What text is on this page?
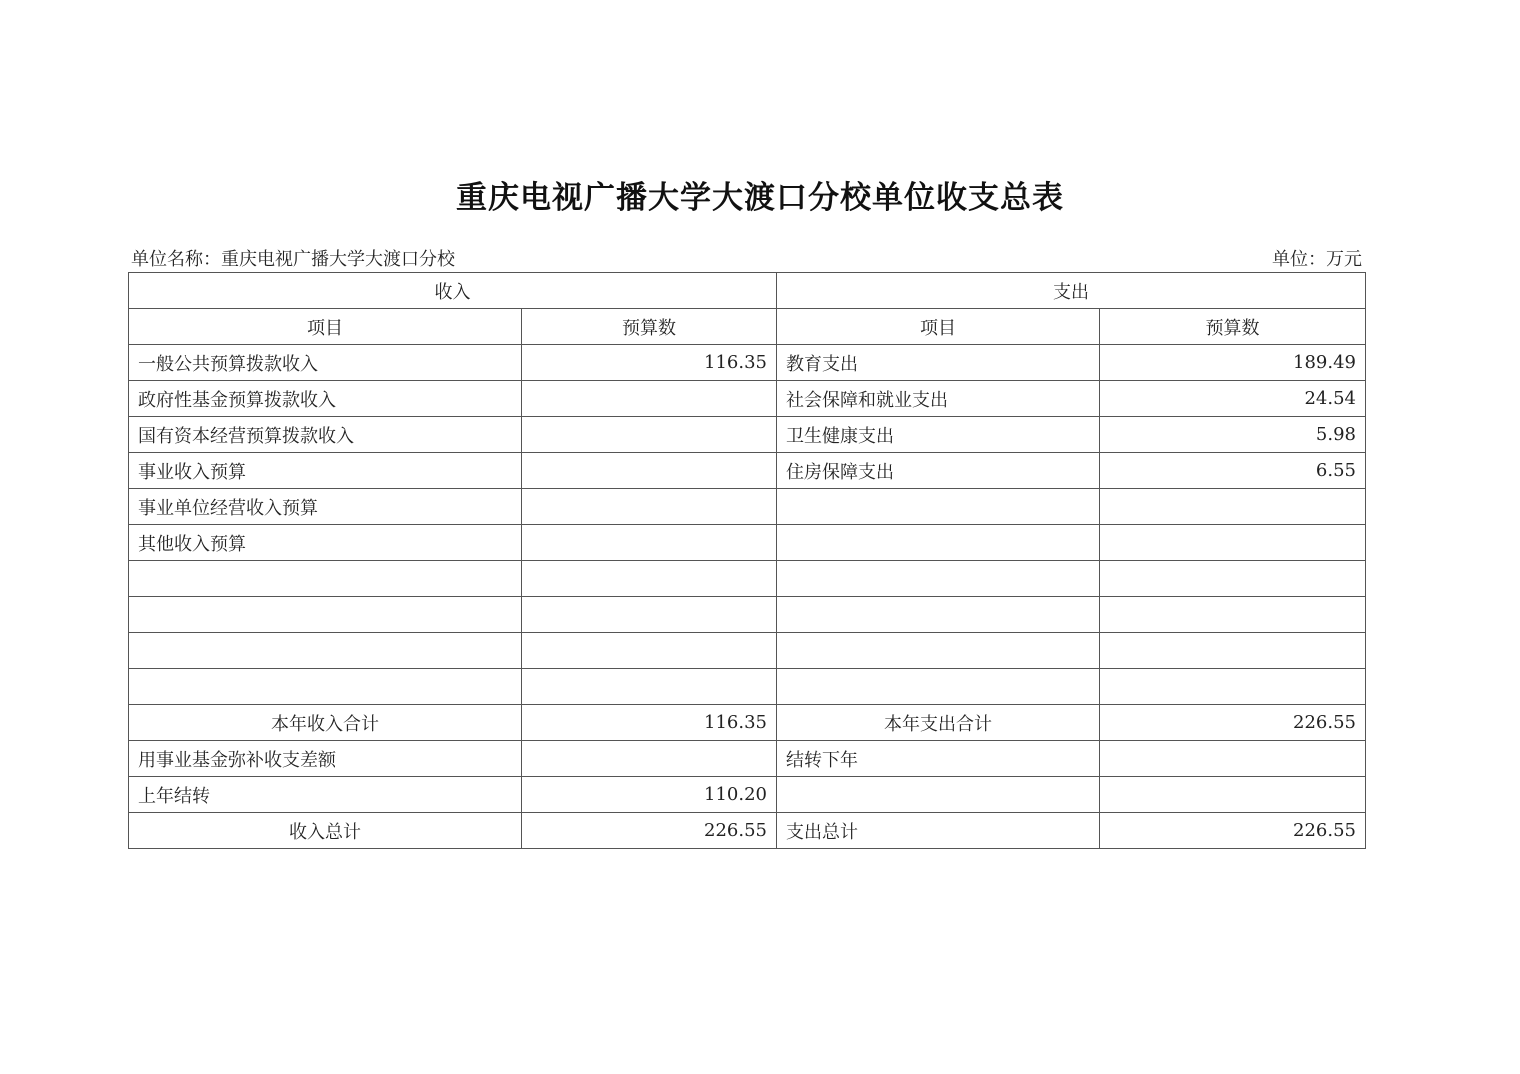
重庆电视广播大学大渡口分校单位收支总表
单位名称：重庆电视广播大学大渡口分校	单位：万元
收入		支出	
项目	预算数	项目	预算数
一般公共预算拨款收入	116.35	教育支出	189.49
政府性基金预算拨款收入		社会保障和就业支出	24.54
国有资本经营预算拨款收入		卫生健康支出	5.98
事业收入预算		住房保障支出	6.55
事业单位经营收入预算			
其他收入预算			

本年收入合计	116.35	本年支出合计	226.55
用事业基金弥补收支差额		结转下年	
上年结转	110.20		
收入总计	226.55	支出总计	226.55
